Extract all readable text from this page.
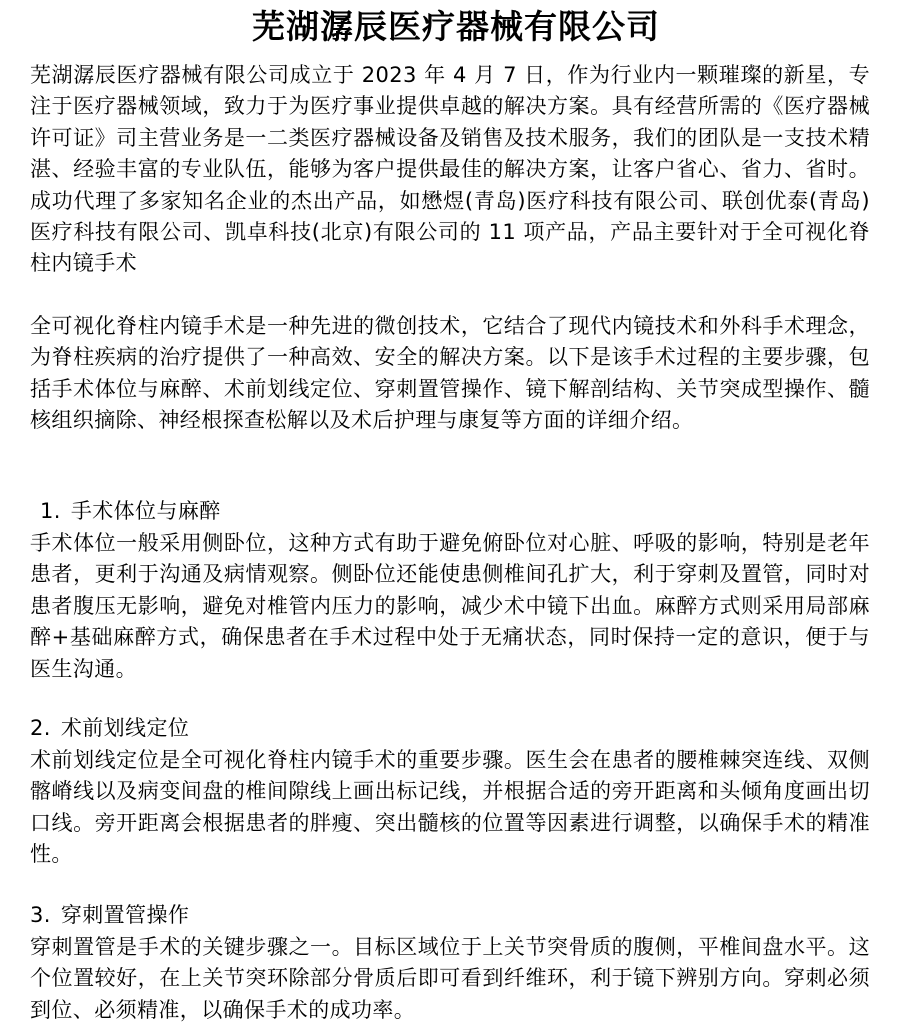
芜湖潺辰医疗器械有限公司
芜湖潺辰医疗器械有限公司成立于 2023 年 4 月 7 日，作为行业内一颗璀璨的新星，专注于医疗器械领域，致力于为医疗事业提供卓越的解决方案。具有经营所需的《医疗器械许可证》司主营业务是一二类医疗器械设备及销售及技术服务，我们的团队是一支技术精湛、经验丰富的专业队伍，能够为客户提供最佳的解决方案，让客户省心、省力、省时。成功代理了多家知名企业的杰出产品，如懋煜(青岛)医疗科技有限公司、联创优泰(青岛)医疗科技有限公司、凯卓科技(北京)有限公司的 11 项产品，产品主要针对于全可视化脊柱内镜手术
全可视化脊柱内镜手术是一种先进的微创技术，它结合了现代内镜技术和外科手术理念，为脊柱疾病的治疗提供了一种高效、安全的解决方案。以下是该手术过程的主要步骤，包括手术体位与麻醉、术前划线定位、穿刺置管操作、镜下解剖结构、关节突成型操作、髓核组织摘除、神经根探查松解以及术后护理与康复等方面的详细介绍。
1. 手术体位与麻醉
手术体位一般采用侧卧位，这种方式有助于避免俯卧位对心脏、呼吸的影响，特别是老年患者，更利于沟通及病情观察。侧卧位还能使患侧椎间孔扩大，利于穿刺及置管，同时对患者腹压无影响，避免对椎管内压力的影响，减少术中镜下出血。麻醉方式则采用局部麻醉+基础麻醉方式，确保患者在手术过程中处于无痛状态，同时保持一定的意识，便于与医生沟通。
2. 术前划线定位
术前划线定位是全可视化脊柱内镜手术的重要步骤。医生会在患者的腰椎棘突连线、双侧髂嵴线以及病变间盘的椎间隙线上画出标记线，并根据合适的旁开距离和头倾角度画出切口线。旁开距离会根据患者的胖瘦、突出髓核的位置等因素进行调整，以确保手术的精准性。
3. 穿刺置管操作
穿刺置管是手术的关键步骤之一。目标区域位于上关节突骨质的腹侧，平椎间盘水平。这个位置较好，在上关节突环除部分骨质后即可看到纤维环，利于镜下辨别方向。穿刺必须到位、必须精准，以确保手术的成功率。
